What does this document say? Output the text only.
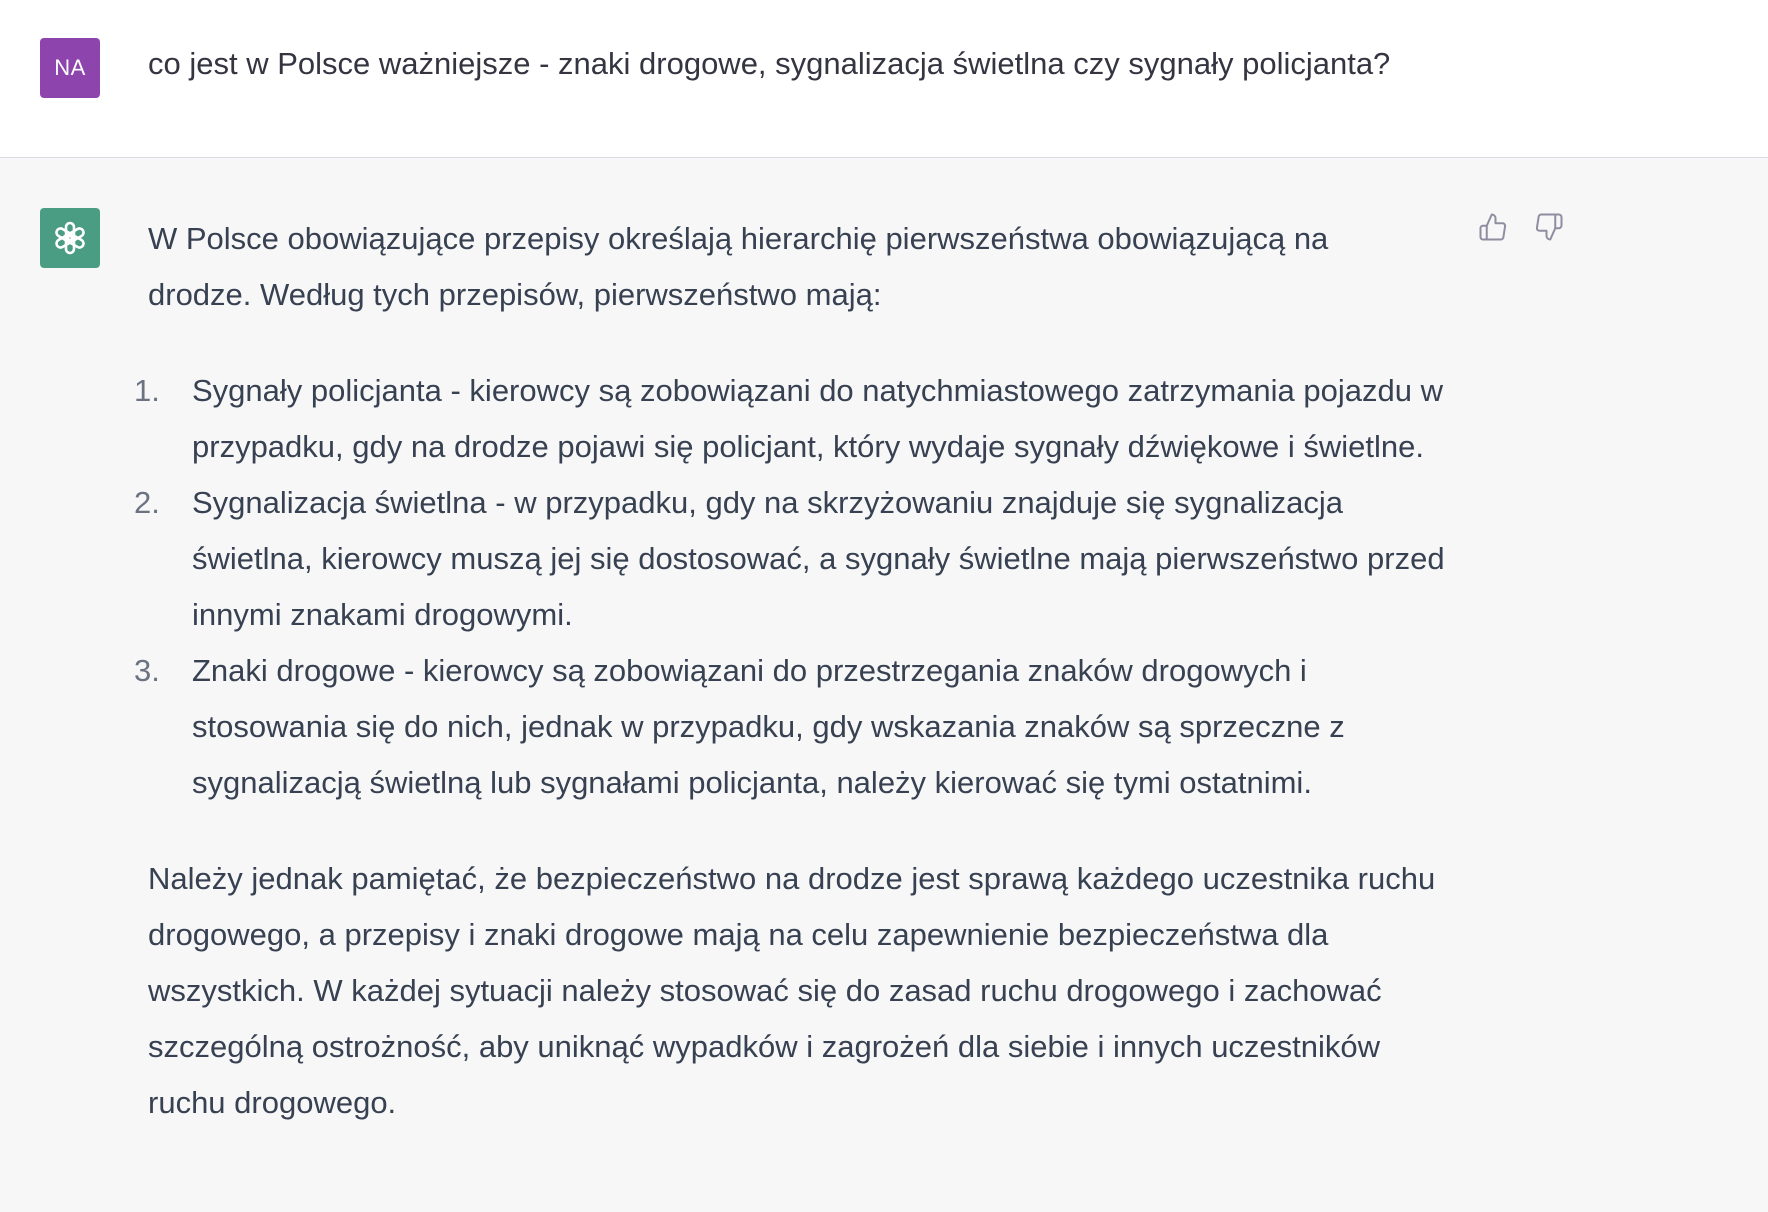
NA co jest w Polsce ważniejsze - znaki drogowe, sygnalizacja świetlna czy sygnały policjanta?

W Polsce obowiązujące przepisy określają hierarchię pierwszeństwa obowiązującą na drodze. Według tych przepisów, pierwszeństwo mają:

1. Sygnały policjanta - kierowcy są zobowiązani do natychmiastowego zatrzymania pojazdu w przypadku, gdy na drodze pojawi się policjant, który wydaje sygnały dźwiękowe i świetlne.
2. Sygnalizacja świetlna - w przypadku, gdy na skrzyżowaniu znajduje się sygnalizacja świetlna, kierowcy muszą jej się dostosować, a sygnały świetlne mają pierwszeństwo przed innymi znakami drogowymi.
3. Znaki drogowe - kierowcy są zobowiązani do przestrzegania znaków drogowych i stosowania się do nich, jednak w przypadku, gdy wskazania znaków są sprzeczne z sygnalizacją świetlną lub sygnałami policjanta, należy kierować się tymi ostatnimi.

Należy jednak pamiętać, że bezpieczeństwo na drodze jest sprawą każdego uczestnika ruchu drogowego, a przepisy i znaki drogowe mają na celu zapewnienie bezpieczeństwa dla wszystkich. W każdej sytuacji należy stosować się do zasad ruchu drogowego i zachować szczególną ostrożność, aby uniknąć wypadków i zagrożeń dla siebie i innych uczestników ruchu drogowego.
